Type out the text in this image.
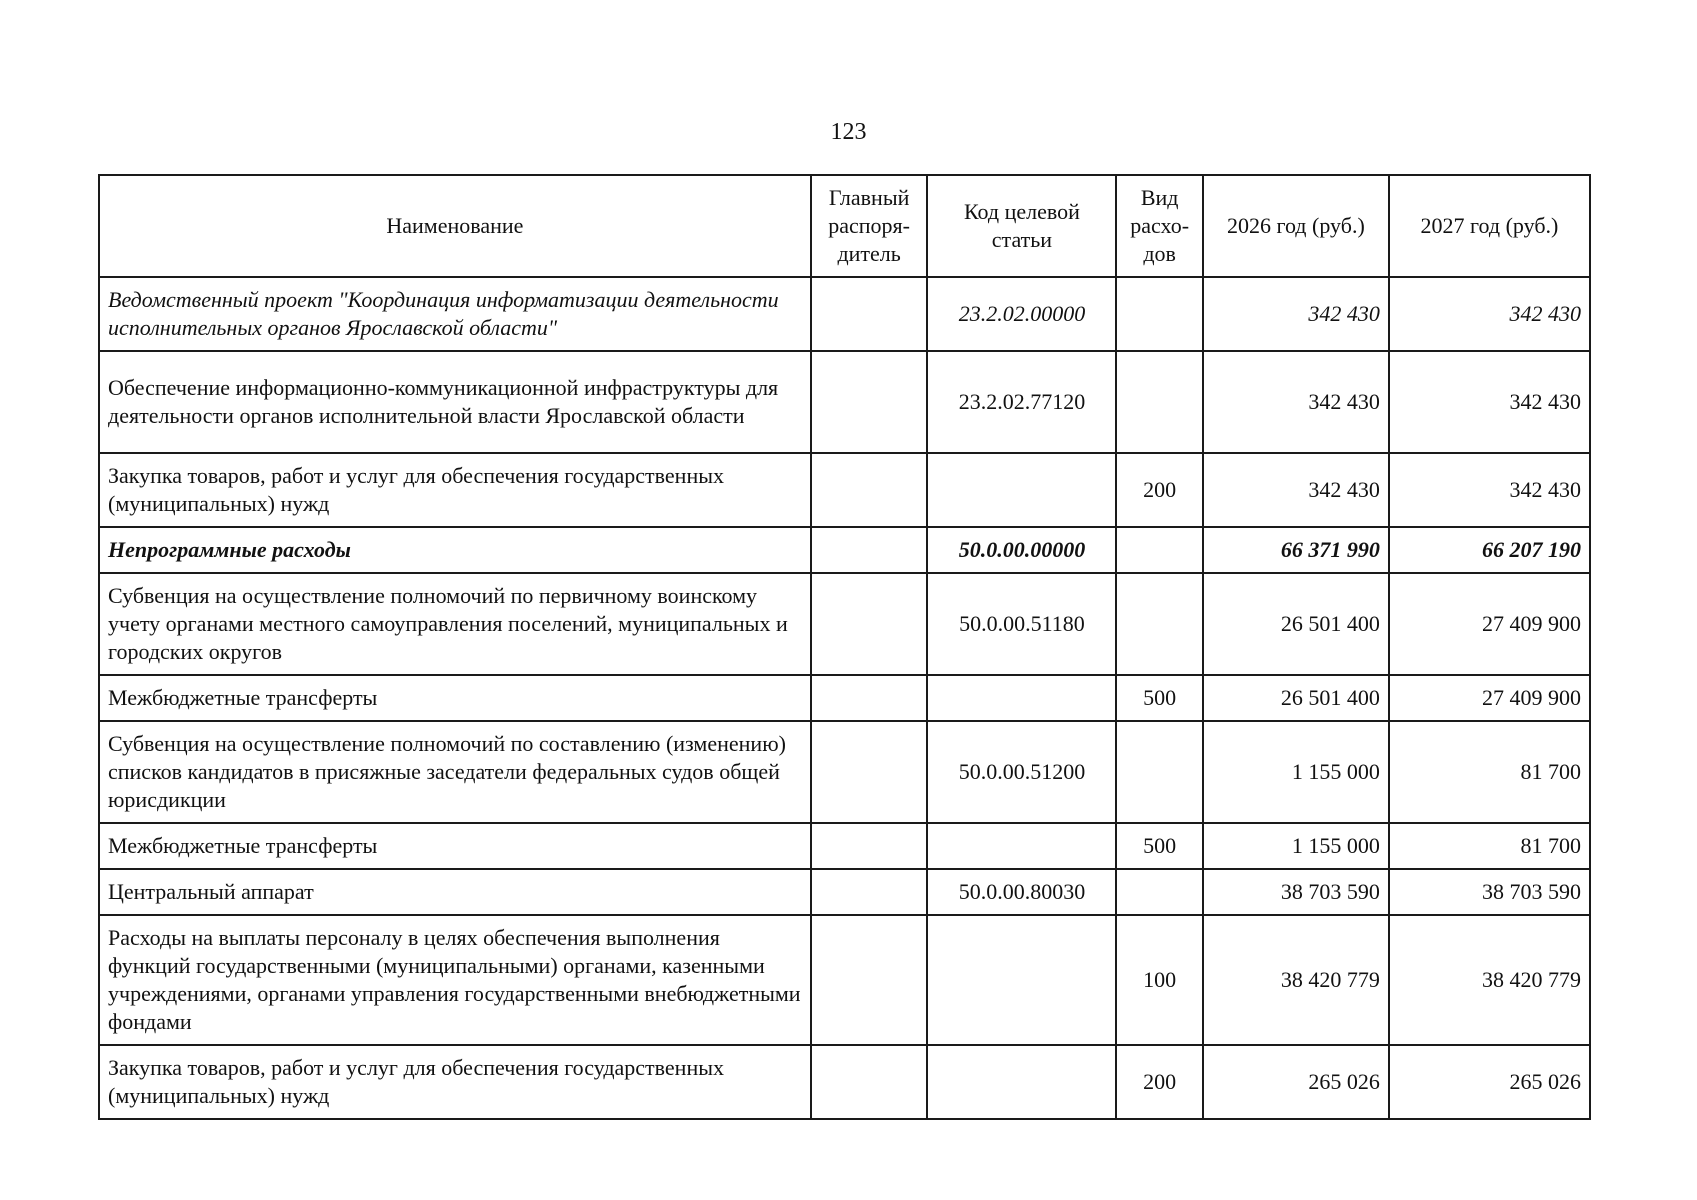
123
Наименование	Главный распоря-дитель	Код целевой статьи	Вид расхо-дов	2026 год (руб.)	2027 год (руб.)
Ведомственный проект "Координация информатизации деятельности исполнительных органов Ярославской области"		23.2.02.00000		342 430	342 430
Обеспечение информационно-коммуникационной инфраструктуры для деятельности органов исполнительной власти Ярославской области		23.2.02.77120		342 430	342 430
Закупка товаров, работ и услуг для обеспечения государственных (муниципальных) нужд			200	342 430	342 430
Непрограммные расходы		50.0.00.00000		66 371 990	66 207 190
Субвенция на осуществление полномочий по первичному воинскому учету органами местного самоуправления поселений, муниципальных и городских округов		50.0.00.51180		26 501 400	27 409 900
Межбюджетные трансферты			500	26 501 400	27 409 900
Субвенция на осуществление полномочий по составлению (изменению) списков кандидатов в присяжные заседатели федеральных судов общей юрисдикции		50.0.00.51200		1 155 000	81 700
Межбюджетные трансферты			500	1 155 000	81 700
Центральный аппарат		50.0.00.80030		38 703 590	38 703 590
Расходы на выплаты персоналу в целях обеспечения выполнения функций государственными (муниципальными) органами, казенными учреждениями, органами управления государственными внебюджетными фондами			100	38 420 779	38 420 779
Закупка товаров, работ и услуг для обеспечения государственных (муниципальных) нужд			200	265 026	265 026
